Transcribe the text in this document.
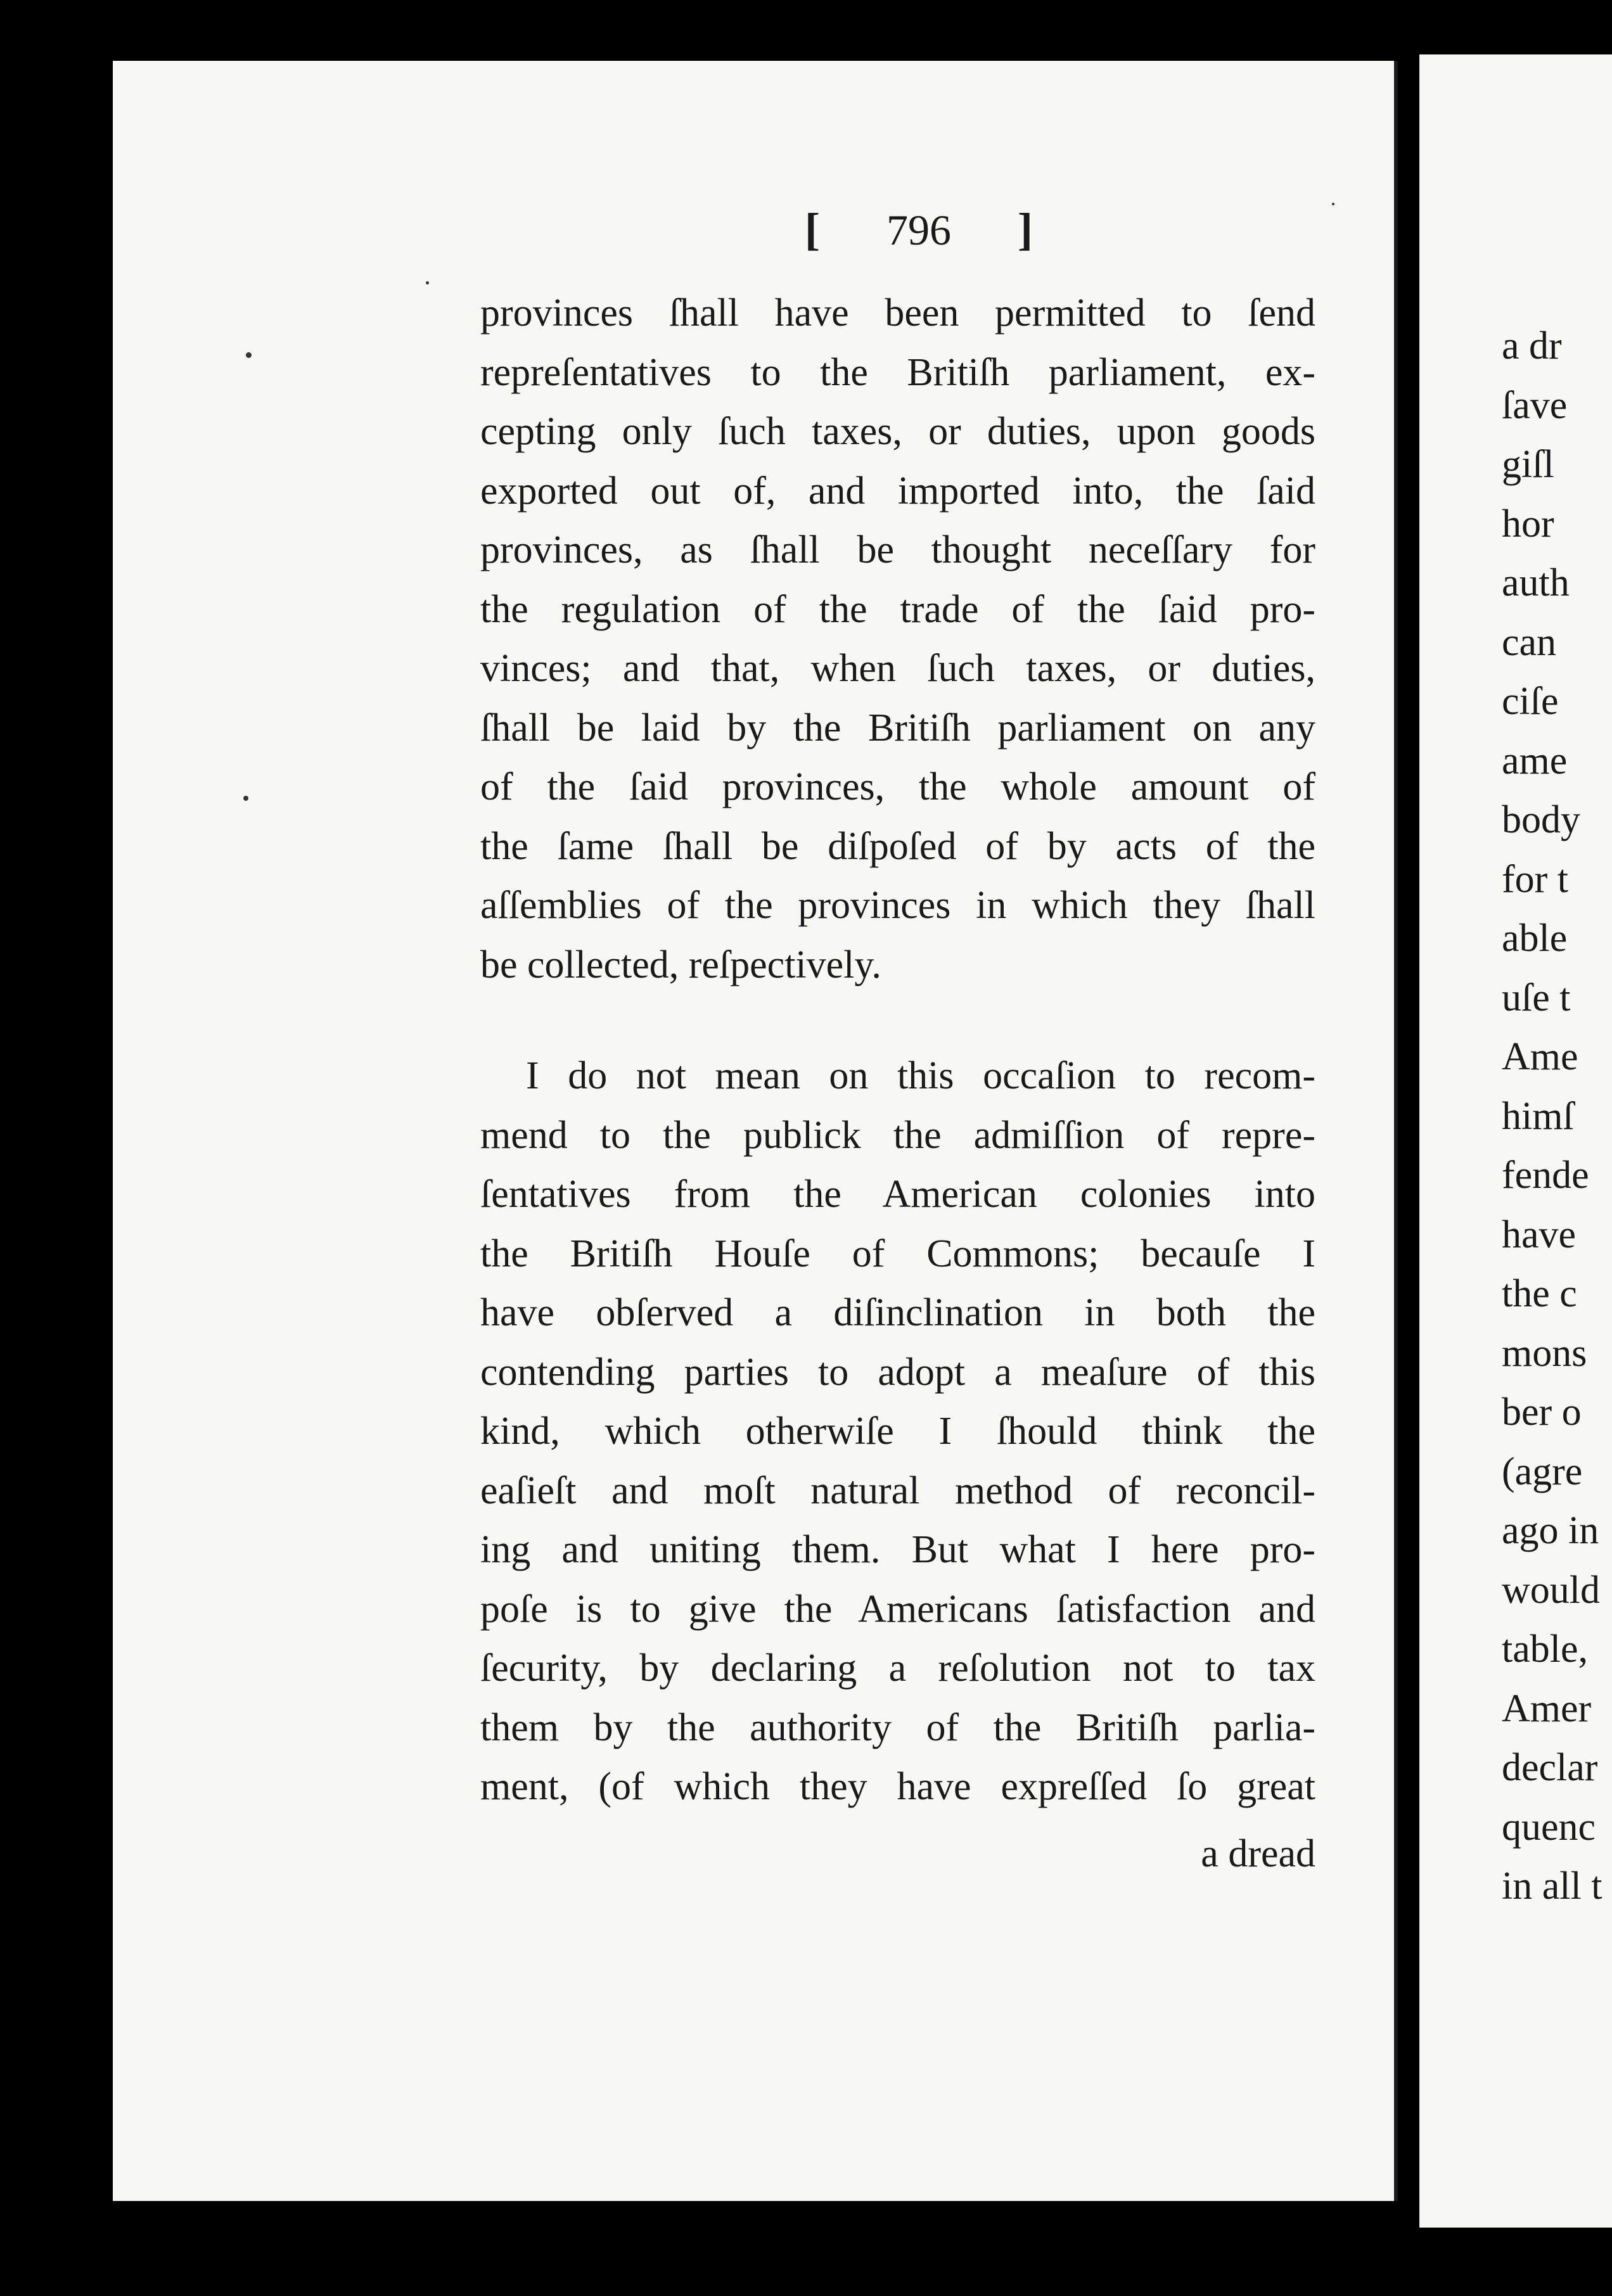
[ 796 ]
provinces ſhall have been permitted to ſend
repreſentatives to the Britiſh parliament, ex-
cepting only ſuch taxes, or duties, upon goods
exported out of, and imported into, the ſaid
provinces, as ſhall be thought neceſſary for
the regulation of the trade of the ſaid pro-
vinces; and that, when ſuch taxes, or duties,
ſhall be laid by the Britiſh parliament on any
of the ſaid provinces, the whole amount of
the ſame ſhall be diſpoſed of by acts of the
aſſemblies of the provinces in which they ſhall
be collected, reſpectively.
I do not mean on this occaſion to recom-
mend to the publick the admiſſion of repre-
ſentatives from the American colonies into
the Britiſh Houſe of Commons; becauſe I
have obſerved a diſinclination in both the
contending parties to adopt a meaſure of this
kind, which otherwiſe I ſhould think the
eaſieſt and moſt natural method of reconcil-
ing and uniting them. But what I here pro-
poſe is to give the Americans ſatisfaction and
ſecurity, by declaring a reſolution not to tax
them by the authority of the Britiſh parlia-
ment, (of which they have expreſſed ſo great
a dread
a dr
ſave
giſl
hor
auth
can
ciſe
ame
body
for t
able
uſe t
Ame
himſ
fende
have
the c
mons
ber o
(agre
ago in
would
table,
Amer
declar
quenc
in all t
